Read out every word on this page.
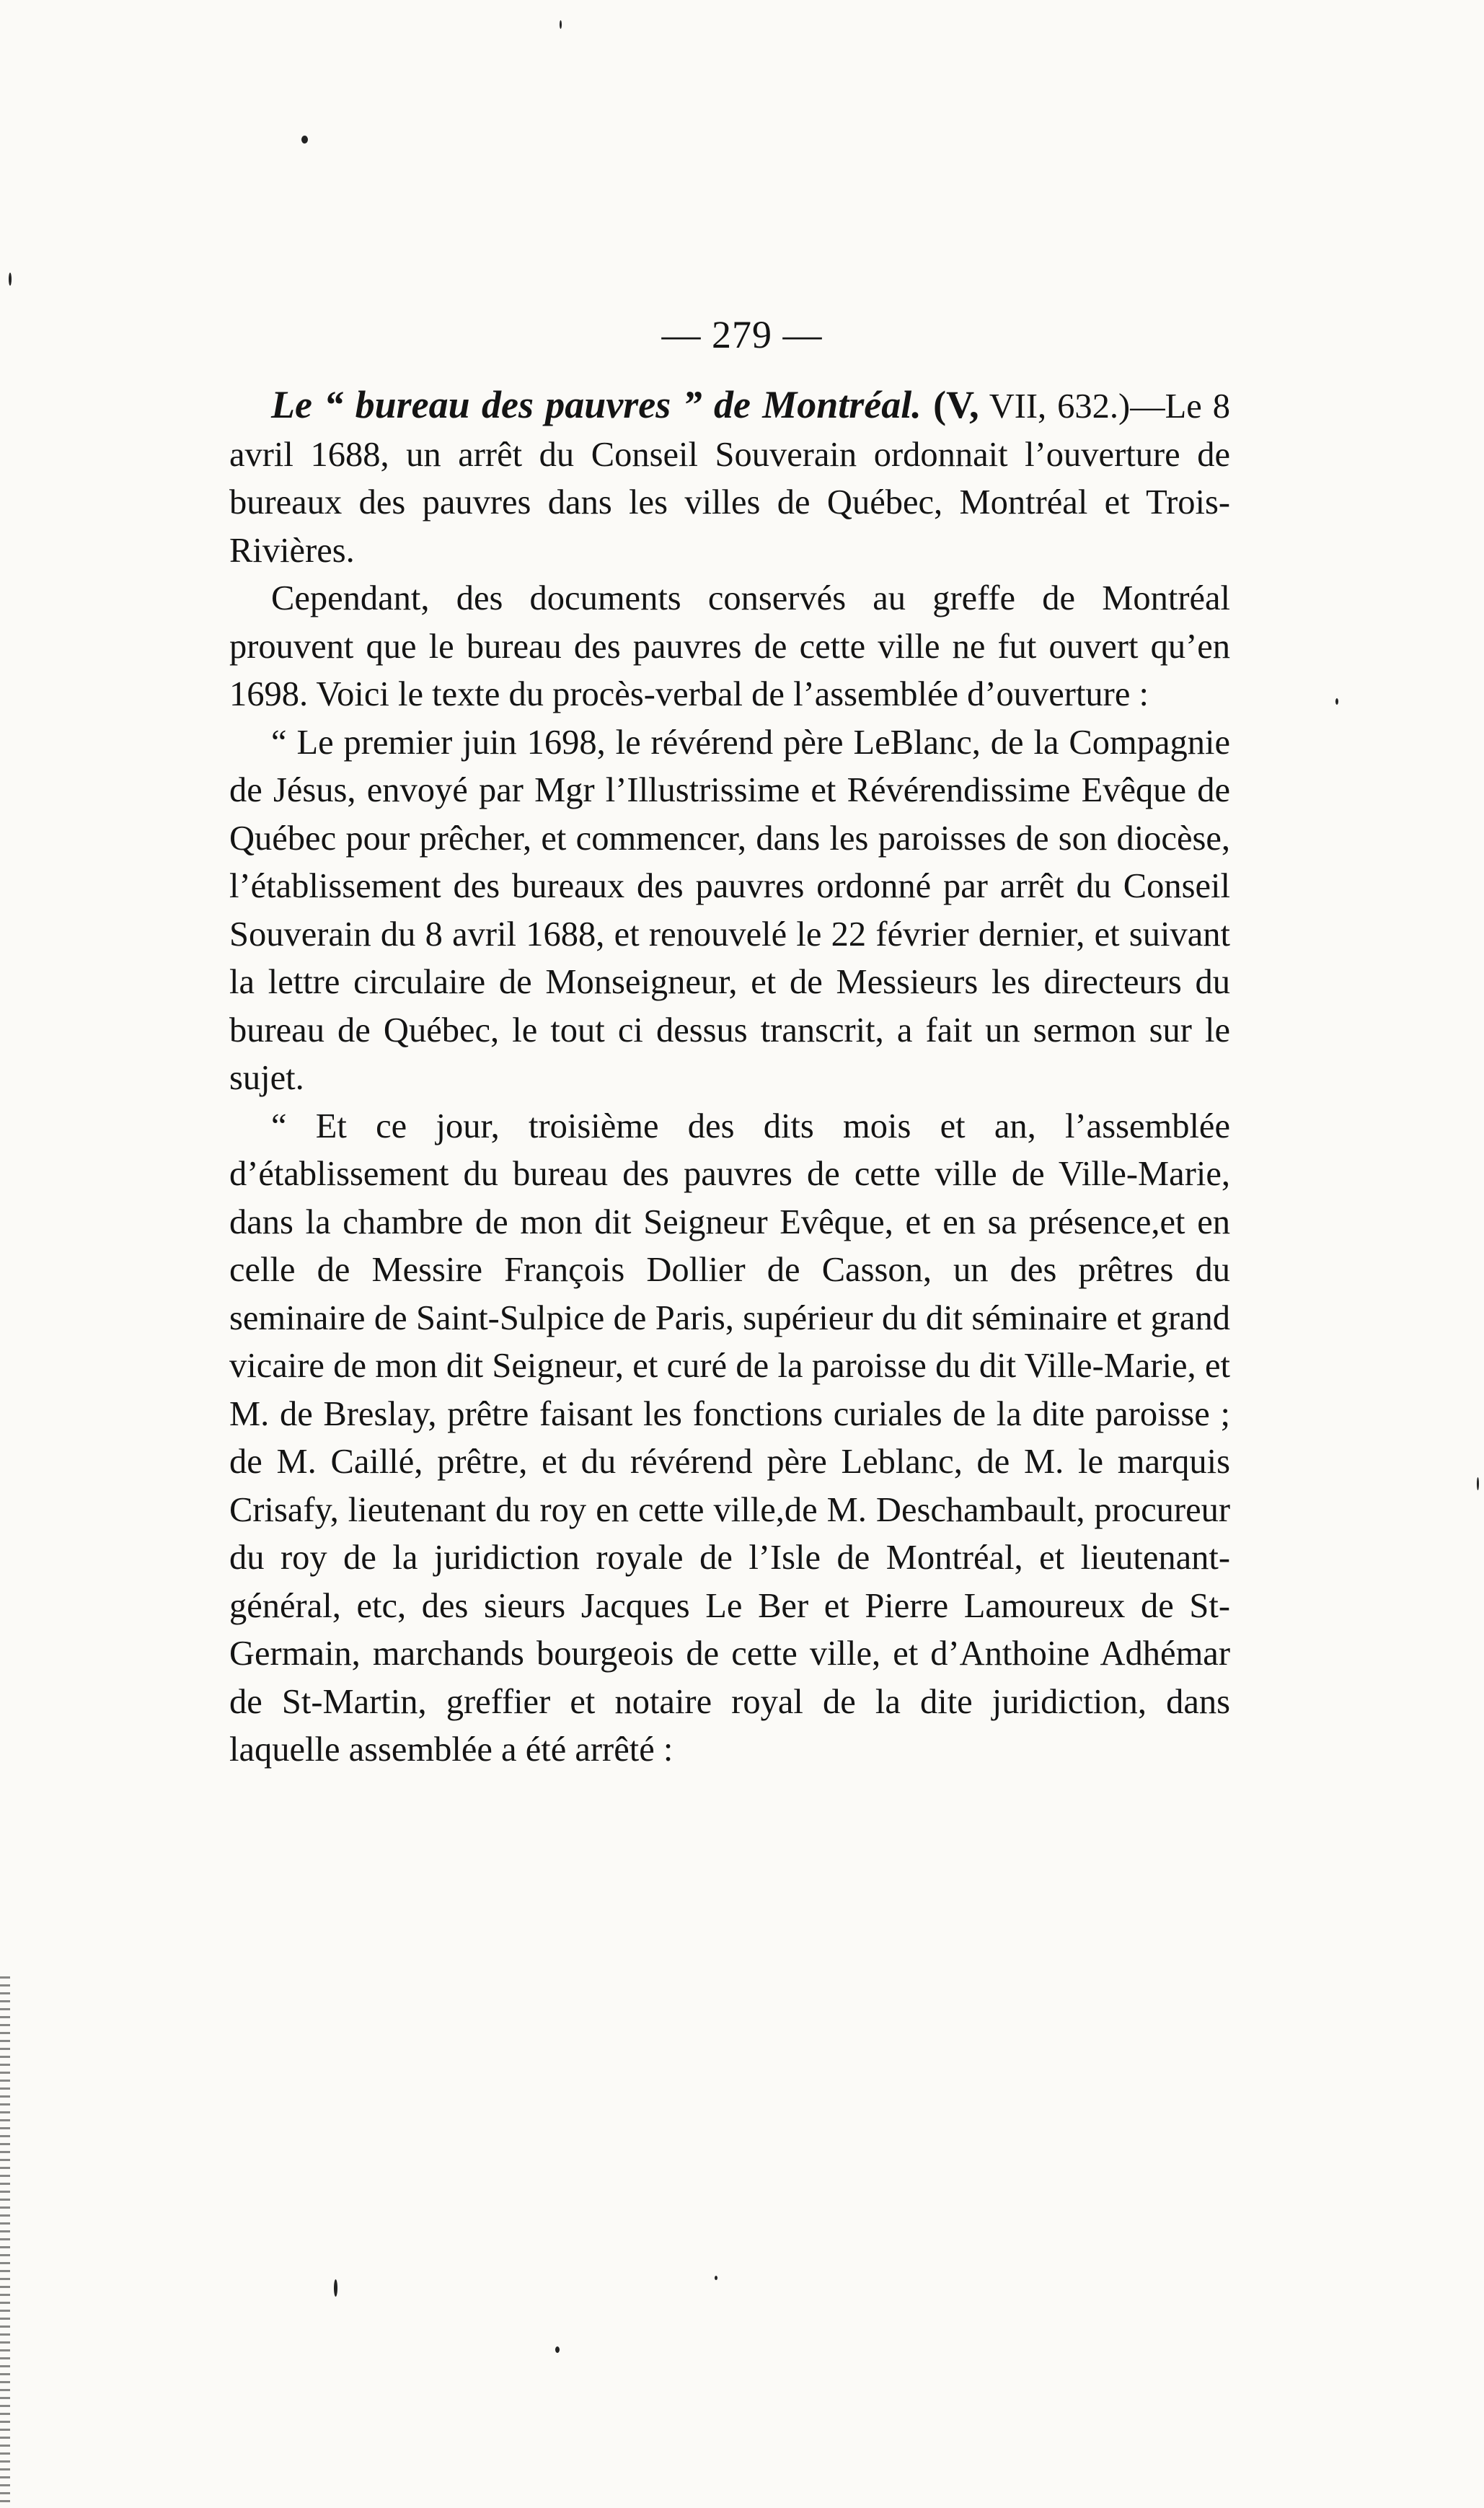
— 279 —

Le “ bureau des pauvres ” de Montréal. (V, VII, 632.)—Le 8 avril 1688, un arrêt du Conseil Souverain ordonnait l’ouverture de bureaux des pauvres dans les villes de Québec, Montréal et Trois-Rivières.

Cependant, des documents conservés au greffe de Montréal prouvent que le bureau des pauvres de cette ville ne fut ouvert qu’en 1698. Voici le texte du procès-verbal de l’assemblée d’ouverture :

“ Le premier juin 1698, le révérend père LeBlanc, de la Compagnie de Jésus, envoyé par Mgr l’Illustrissime et Révérendissime Evêque de Québec pour prêcher, et commencer, dans les paroisses de son diocèse, l’établissement des bureaux des pauvres ordonné par arrêt du Conseil Souverain du 8 avril 1688, et renouvelé le 22 février dernier, et suivant la lettre circulaire de Monseigneur, et de Messieurs les directeurs du bureau de Québec, le tout ci dessus transcrit, a fait un sermon sur le sujet.

“ Et ce jour, troisième des dits mois et an, l’assemblée d’établissement du bureau des pauvres de cette ville de Ville-Marie, dans la chambre de mon dit Seigneur Evêque, et en sa présence,et en celle de Messire François Dollier de Casson, un des prêtres du seminaire de Saint-Sulpice de Paris, supérieur du dit séminaire et grand vicaire de mon dit Seigneur, et curé de la paroisse du dit Ville-Marie, et M. de Breslay, prêtre faisant les fonctions curiales de la dite paroisse ; de M. Caillé, prêtre, et du révérend père Leblanc, de M. le marquis Crisafy, lieutenant du roy en cette ville,de M. Deschambault, procureur du roy de la juridiction royale de l’Isle de Montréal, et lieutenant-général, etc, des sieurs Jacques Le Ber et Pierre Lamoureux de St-Germain, marchands bourgeois de cette ville, et d’Anthoine Adhémar de St-Martin, greffier et notaire royal de la dite juridiction, dans laquelle assemblée a été arrêté :
